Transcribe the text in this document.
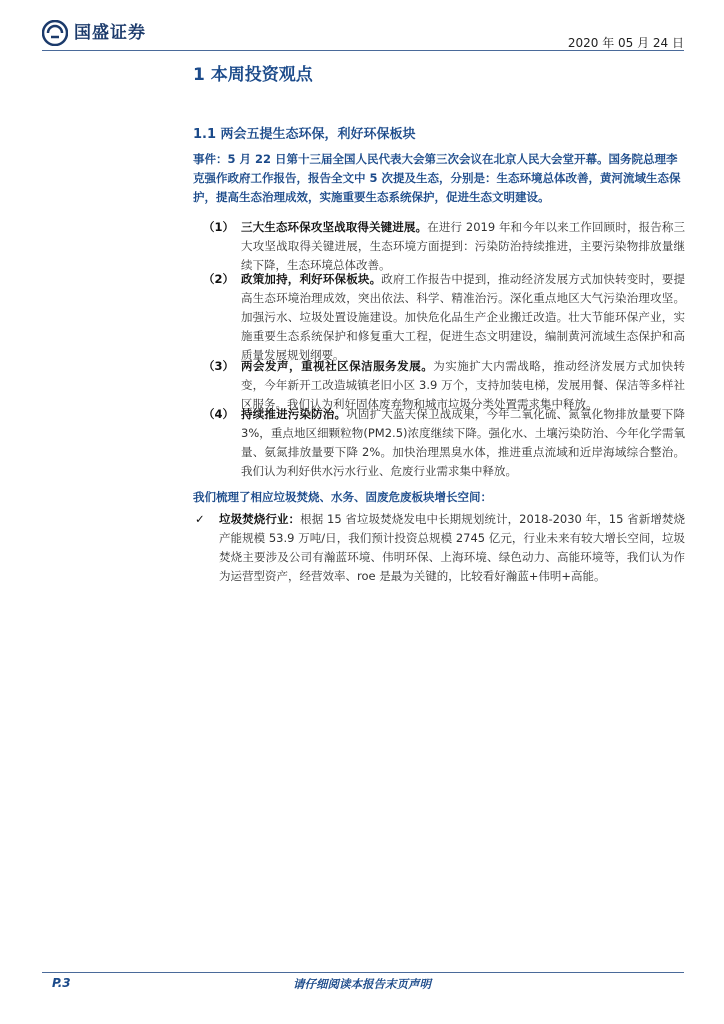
国盛证券
2020 年 05 月 24 日
1 本周投资观点
1.1 两会五提生态环保，利好环保板块
事件：5 月 22 日第十三届全国人民代表大会第三次会议在北京人民大会堂开幕。国务院总理李克强作政府工作报告，报告全文中 5 次提及生态，分别是：生态环境总体改善，黄河流域生态保护，提高生态治理成效，实施重要生态系统保护，促进生态文明建设。
（1） 三大生态环保攻坚战取得关键进展。在进行 2019 年和今年以来工作回顾时，报告称三大攻坚战取得关键进展，生态环境方面提到：污染防治持续推进，主要污染物排放量继续下降，生态环境总体改善。
（2） 政策加持，利好环保板块。政府工作报告中提到，推动经济发展方式加快转变时，要提高生态环境治理成效，突出依法、科学、精准治污。深化重点地区大气污染治理攻坚。加强污水、垃圾处置设施建设。加快危化品生产企业搬迁改造。壮大节能环保产业，实施重要生态系统保护和修复重大工程，促进生态文明建设，编制黄河流域生态保护和高质量发展规划纲要。
（3） 两会发声，重视社区保洁服务发展。为实施扩大内需战略，推动经济发展方式加快转变，今年新开工改造城镇老旧小区 3.9 万个，支持加装电梯，发展用餐、保洁等多样社区服务。我们认为利好固体废弃物和城市垃圾分类处置需求集中释放。
（4） 持续推进污染防治。巩固扩大蓝天保卫战成果，今年二氧化硫、氮氧化物排放量要下降 3%，重点地区细颗粒物(PM2.5)浓度继续下降。强化水、土壤污染防治、今年化学需氧量、氨氮排放量要下降 2%。加快治理黑臭水体，推进重点流域和近岸海域综合整治。我们认为利好供水污水行业、危废行业需求集中释放。
我们梳理了相应垃圾焚烧、水务、固废危废板块增长空间：
✓ 垃圾焚烧行业：根据 15 省垃圾焚烧发电中长期规划统计，2018-2030 年，15 省新增焚烧产能规模 53.9 万吨/日，我们预计投资总规模 2745 亿元，行业未来有较大增长空间，垃圾焚烧主要涉及公司有瀚蓝环境、伟明环保、上海环境、绿色动力、高能环境等，我们认为作为运营型资产，经营效率、roe 是最为关键的，比较看好瀚蓝+伟明+高能。
P.3	请仔细阅读本报告末页声明
